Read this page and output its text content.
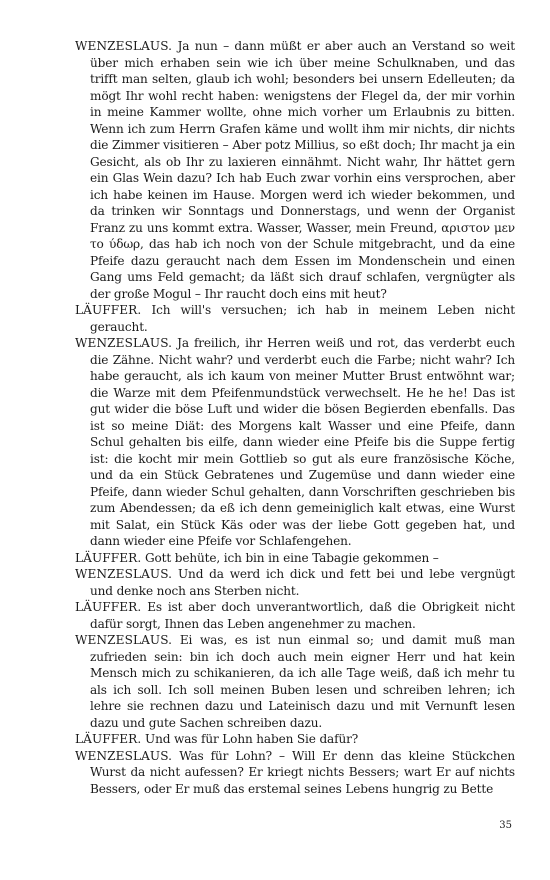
WENZESLAUS. Ja nun – dann müßt er aber auch an Verstand so weit über mich erhaben sein wie ich über meine Schulknaben, und das trifft man selten, glaub ich wohl; besonders bei unsern Edelleuten; da mögt Ihr wohl recht haben: wenigstens der Flegel da, der mir vorhin in meine Kammer wollte, ohne mich vorher um Erlaubnis zu bitten. Wenn ich zum Herrn Grafen käme und wollt ihm mir nichts, dir nichts die Zimmer visitieren – Aber potz Millius, so eßt doch; Ihr macht ja ein Gesicht, als ob Ihr zu laxieren einnähmt. Nicht wahr, Ihr hättet gern ein Glas Wein dazu? Ich hab Euch zwar vorhin eins versprochen, aber ich habe keinen im Hause. Morgen werd ich wieder bekommen, und da trinken wir Sonntags und Donnerstags, und wenn der Organist Franz zu uns kommt extra. Wasser, Wasser, mein Freund, αριστον μεν το ύδωρ, das hab ich noch von der Schule mitgebracht, und da eine Pfeife dazu geraucht nach dem Essen im Mondenschein und einen Gang ums Feld gemacht; da läßt sich drauf schlafen, vergnügter als der große Mogul – Ihr raucht doch eins mit heut?

LÄUFFER. Ich will's versuchen; ich hab in meinem Leben nicht geraucht.

WENZESLAUS. Ja freilich, ihr Herren weiß und rot, das verderbt euch die Zähne. Nicht wahr? und verderbt euch die Farbe; nicht wahr? Ich habe geraucht, als ich kaum von meiner Mutter Brust entwöhnt war; die Warze mit dem Pfeifenmundstück verwechselt. He he he! Das ist gut wider die böse Luft und wider die bösen Begierden ebenfalls. Das ist so meine Diät: des Morgens kalt Wasser und eine Pfeife, dann Schul gehalten bis eilfe, dann wieder eine Pfeife bis die Suppe fertig ist: die kocht mir mein Gottlieb so gut als eure französische Köche, und da ein Stück Gebratenes und Zugemüse und dann wieder eine Pfeife, dann wieder Schul gehalten, dann Vorschriften geschrieben bis zum Abendessen; da eß ich denn gemeiniglich kalt etwas, eine Wurst mit Salat, ein Stück Käs oder was der liebe Gott gegeben hat, und dann wieder eine Pfeife vor Schlafengehen.

LÄUFFER. Gott behüte, ich bin in eine Tabagie gekommen –

WENZESLAUS. Und da werd ich dick und fett bei und lebe vergnügt und denke noch ans Sterben nicht.

LÄUFFER. Es ist aber doch unverantwortlich, daß die Obrigkeit nicht dafür sorgt, Ihnen das Leben angenehmer zu machen.

WENZESLAUS. Ei was, es ist nun einmal so; und damit muß man zufrieden sein: bin ich doch auch mein eigner Herr und hat kein Mensch mich zu schikanieren, da ich alle Tage weiß, daß ich mehr tu als ich soll. Ich soll meinen Buben lesen und schreiben lehren; ich lehre sie rechnen dazu und Lateinisch dazu und mit Vernunft lesen dazu und gute Sachen schreiben dazu.

LÄUFFER. Und was für Lohn haben Sie dafür?

WENZESLAUS. Was für Lohn? – Will Er denn das kleine Stückchen Wurst da nicht aufessen? Er kriegt nichts Bessers; wart Er auf nichts Bessers, oder Er muß das erstemal seines Lebens hungrig zu Bette

35
